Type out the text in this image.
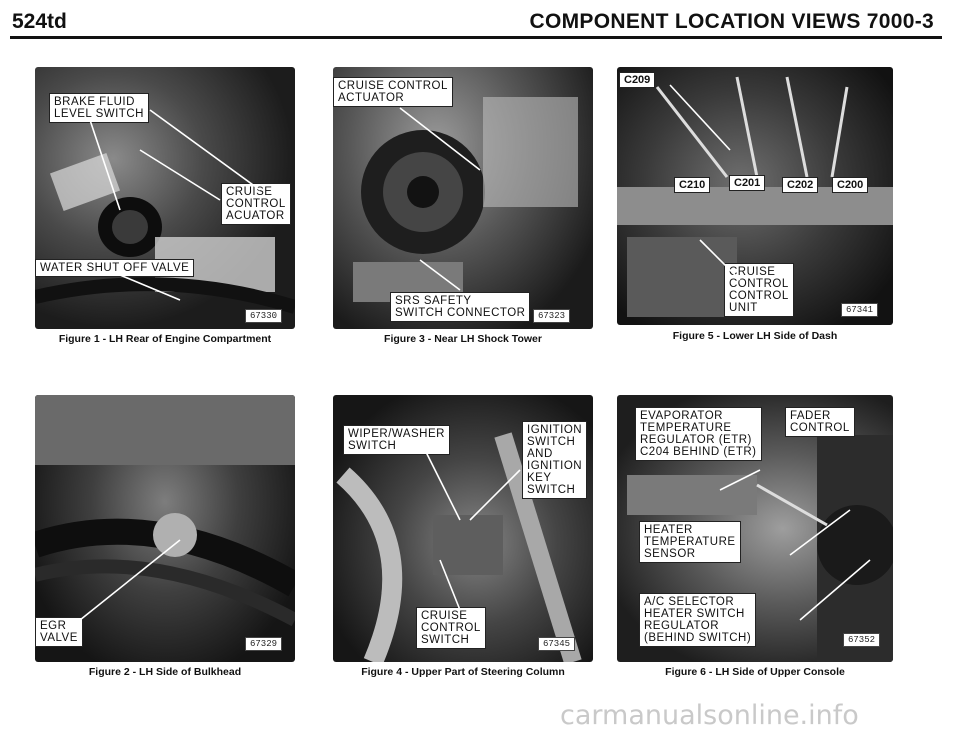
524td	COMPONENT LOCATION VIEWS 7000-3
BRAKE FLUID
LEVEL SWITCH
CRUISE
CONTROL
ACUATOR
WATER SHUT OFF VALVE
67330
Figure 1 - LH Rear of Engine Compartment
CRUISE CONTROL
ACTUATOR
SRS SAFETY
SWITCH CONNECTOR	67323
Figure 3 - Near LH Shock Tower
C209
C210	C201	C202	C200
CRUISE
CONTROL
CONTROL
UNIT	67341
Figure 5 - Lower LH Side of Dash
EGR
VALVE	67329
Figure 2 - LH Side of Bulkhead
WIPER/WASHER
SWITCH
IGNITION
SWITCH
AND
IGNITION
KEY
SWITCH
CRUISE
CONTROL
SWITCH	67345
Figure 4 - Upper Part of Steering Column
EVAPORATOR
TEMPERATURE
REGULATOR (ETR)
C204 BEHIND (ETR)
FADER
CONTROL
HEATER
TEMPERATURE
SENSOR
A/C SELECTOR
HEATER SWITCH
REGULATOR
(BEHIND SWITCH)	67352
Figure 6 - LH Side of Upper Console
carmanualsonline.info
